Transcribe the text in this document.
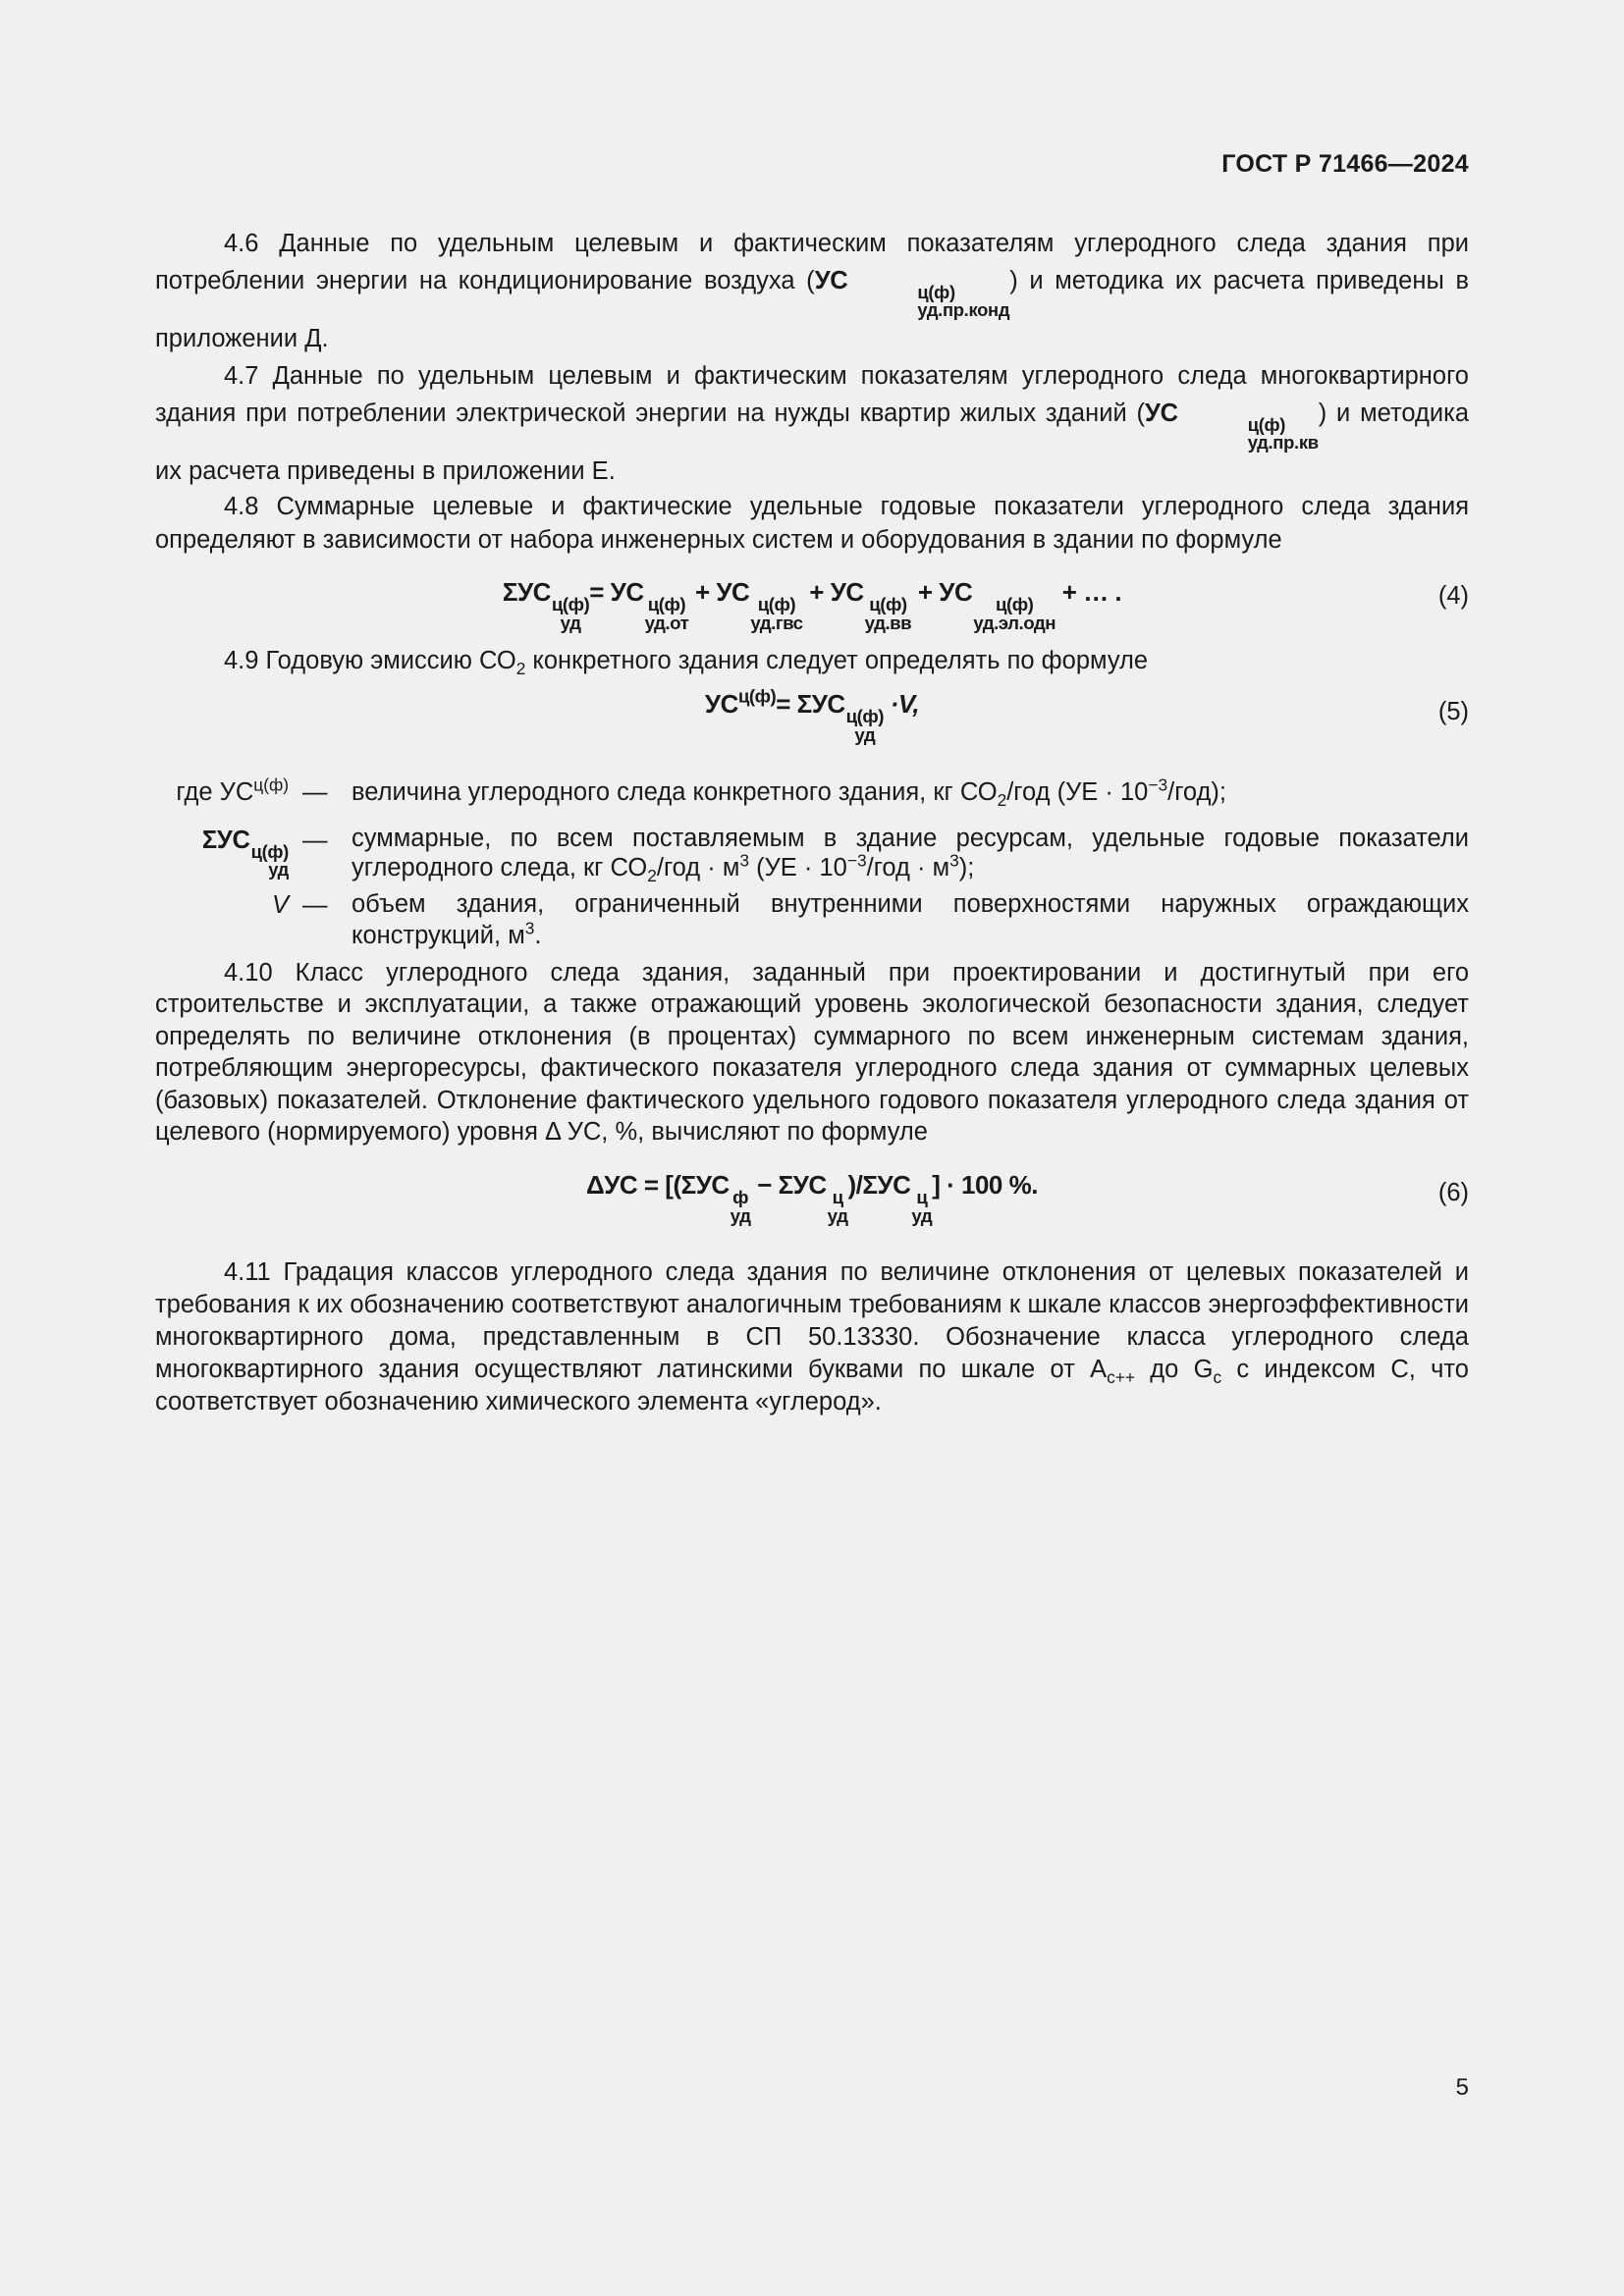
ГОСТ Р 71466—2024

4.6 Данные по удельным целевым и фактическим показателям углеродного следа здания при потреблении энергии на кондиционирование воздуха (УС	ц(ф)
уд.пр.конд
) и методика их расчета приведены в приложении Д.

4.7 Данные по удельным целевым и фактическим показателям углеродного следа многоквартирного здания при потреблении электрической энергии на нужды квартир жилых зданий (УС	ц(ф)
уд.пр.кв
) и методика их расчета приведены в приложении Е.

4.8 Суммарные целевые и фактические удельные годовые показатели углеродного следа здания определяют в зависимости от набора инженерных систем и оборудования в здании по формуле

ΣУС ц(ф)
уд
= УС ц(ф)
уд.от
+ УС ц(ф)
уд.гвс
+ УС ц(ф)
уд.вв
+ УС	ц(ф)
уд.эл.одн
+ … .	(4)

4.9 Годовую эмиссию $СО_2$ конкретного здания следует определять по формуле

$УС^{ц(ф)}= \Sigma УС$ ц(ф)
уд
·V,	(5)
где $УС^{ц(ф)}$ — величина углеродного следа конкретного здания, кг $СО_2$/год $(УЕ \cdot 10^{-3}/год)$;
ΣУС ц(ф)
уд
— суммарные, по всем поставляемым в здание ресурсам, удельные годовые показатели углеродного следа, кг $СО_2$/год · $м^3$ ($УЕ \cdot 10^{-3}$/год · $м^3$);
V — объем здания, ограниченный внутренними поверхностями наружных ограждающих конструкций, $м^3$.

4.10 Класс углеродного следа здания, заданный при проектировании и достигнутый при его строительстве и эксплуатации, а также отражающий уровень экологической безопасности здания, следует определять по величине отклонения (в процентах) суммарного по всем инженерным системам здания, потребляющим энергоресурсы, фактического показателя углеродного следа здания от суммарных целевых (базовых) показателей. Отклонение фактического удельного годового показателя углеродного следа здания от целевого (нормируемого) уровня Δ УС, %, вычисляют по формуле

ΔУС = [(ΣУС ф
уд
− ΣУС ц
уд
)/ΣУС ц
уд
] · 100 %.	(6)

4.11 Градация классов углеродного следа здания по величине отклонения от целевых показателей и требования к их обозначению соответствуют аналогичным требованиям к шкале классов энергоэффективности многоквартирного дома, представленным в СП 50.13330. Обозначение класса углеродного следа многоквартирного здания осуществляют латинскими буквами по шкале от $A_{c++}$ до $G_c$ с индексом С, что соответствует обозначению химического элемента «углерод».

5
